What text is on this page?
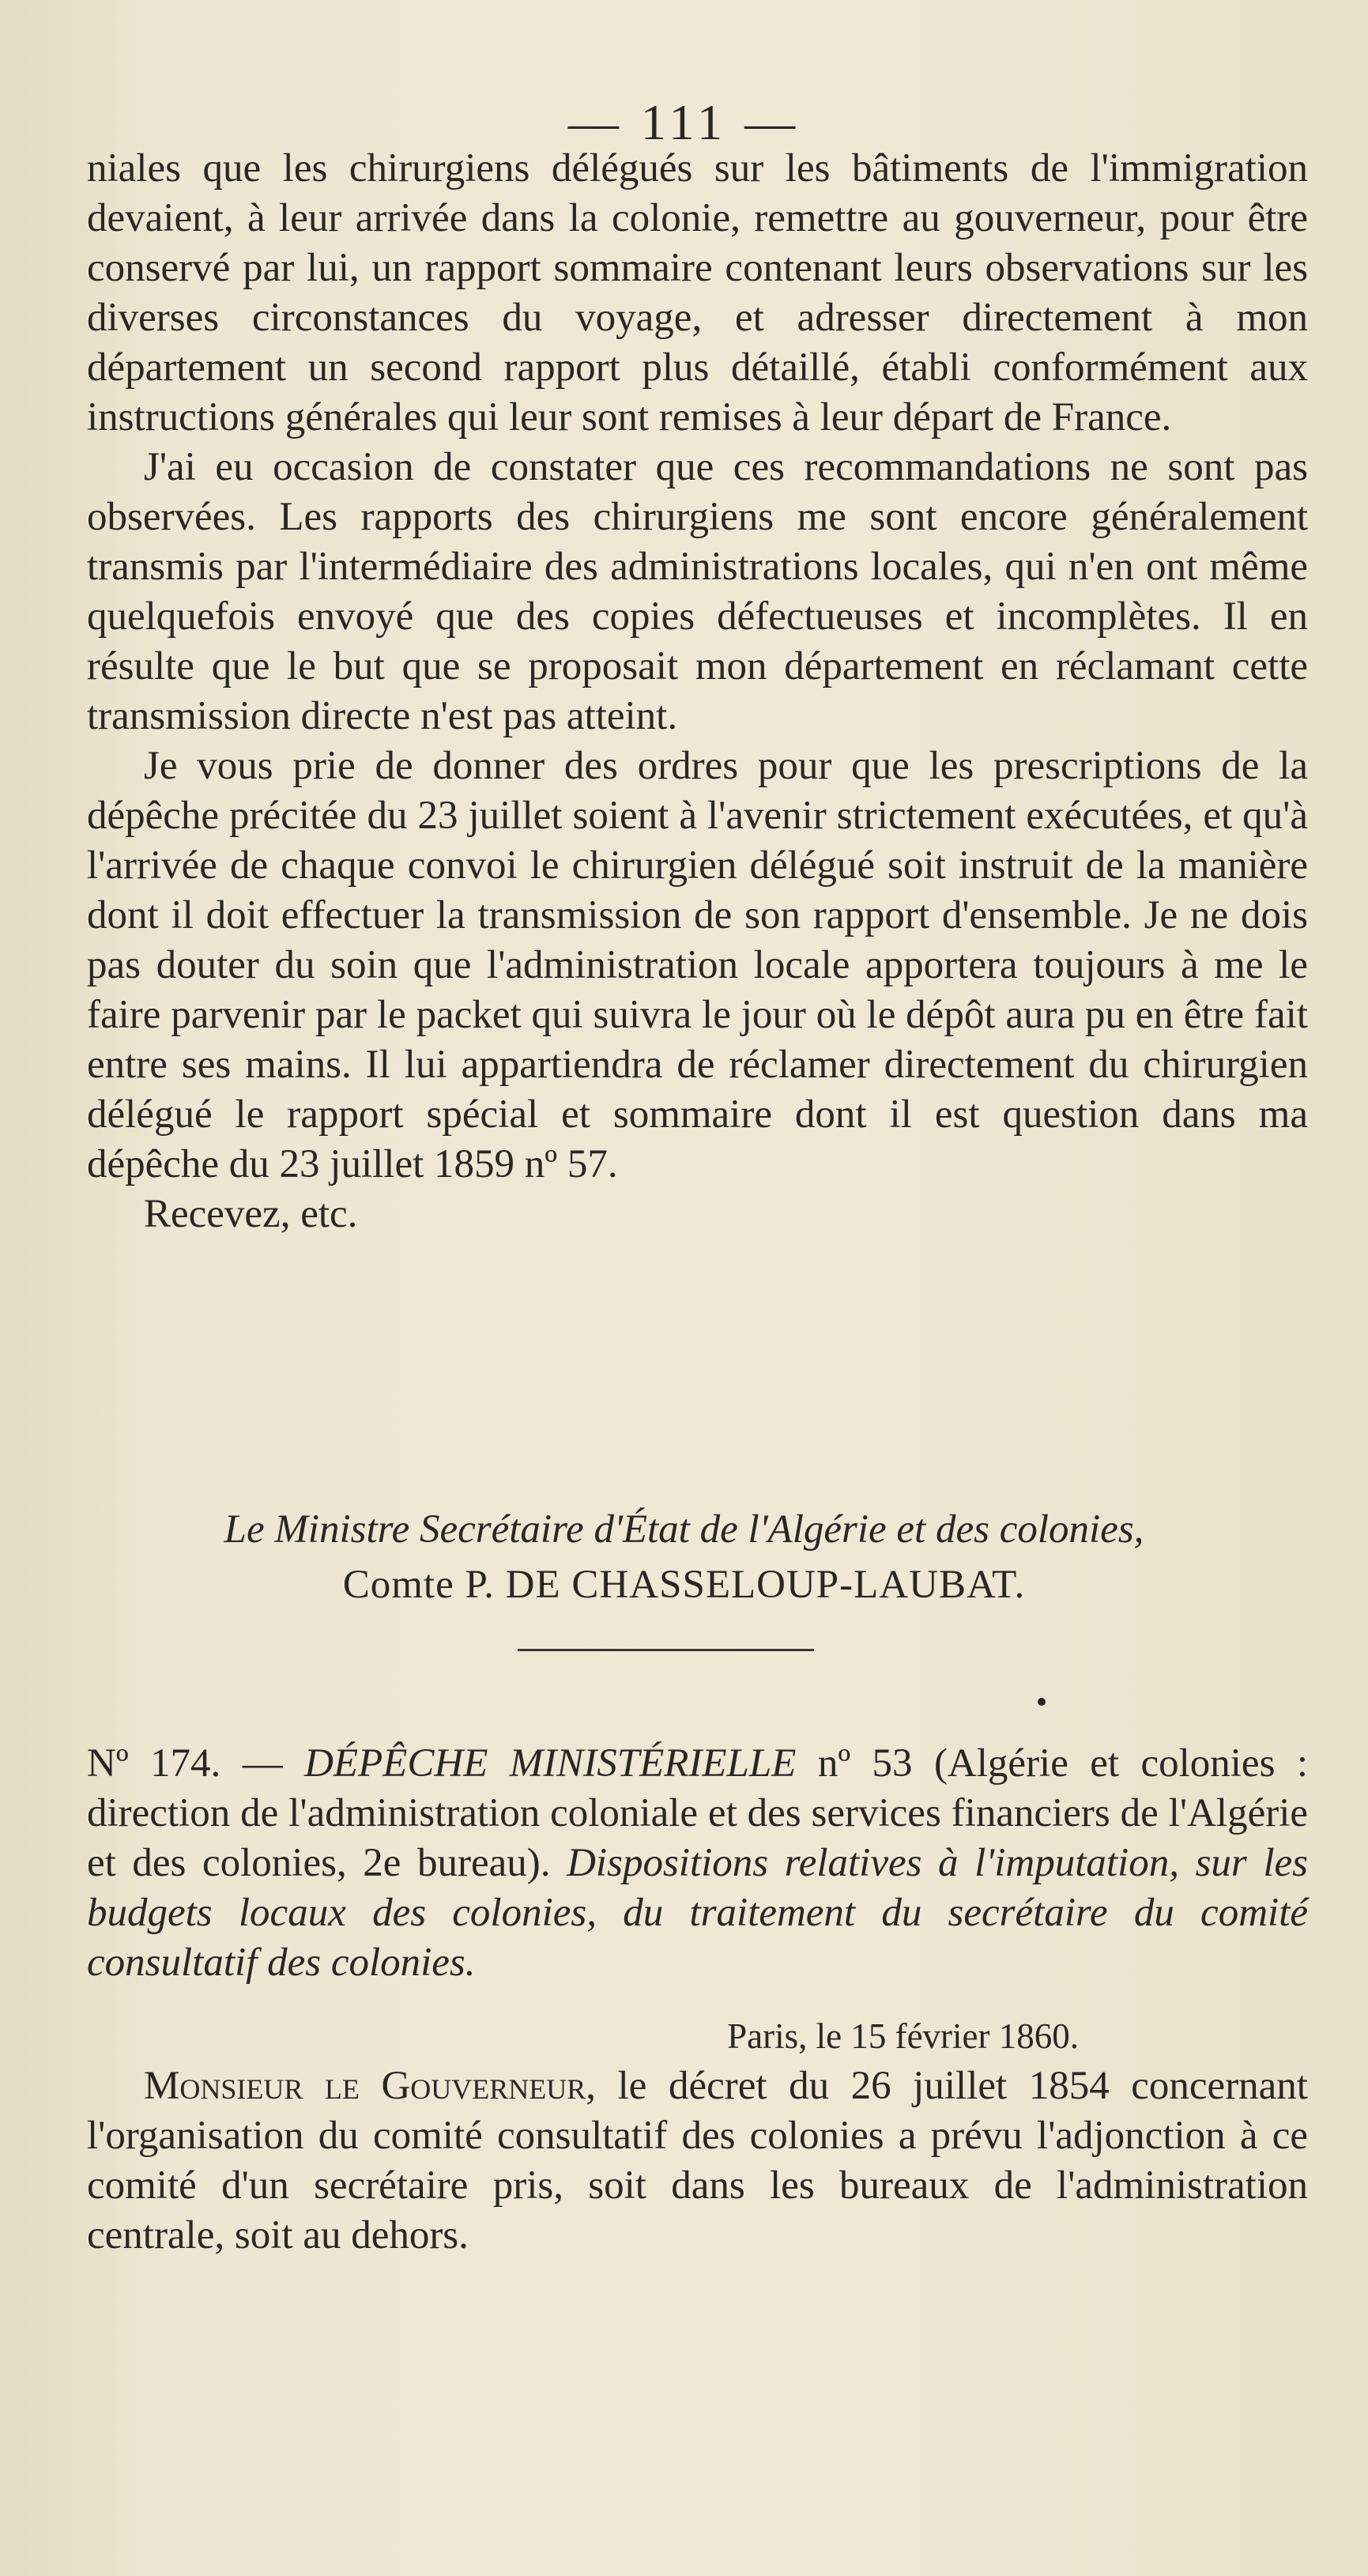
— 111 —

niales que les chirurgiens délégués sur les bâtiments de l'immigration devaient, à leur arrivée dans la colonie, remettre au gouverneur, pour être conservé par lui, un rapport sommaire contenant leurs observations sur les diverses circonstances du voyage, et adresser directement à mon département un second rapport plus détaillé, établi conformément aux instructions générales qui leur sont remises à leur départ de France.

J'ai eu occasion de constater que ces recommandations ne sont pas observées. Les rapports des chirurgiens me sont encore généralement transmis par l'intermédiaire des administrations locales, qui n'en ont même quelquefois envoyé que des copies défectueuses et incomplètes. Il en résulte que le but que se proposait mon département en réclamant cette transmission directe n'est pas atteint.

Je vous prie de donner des ordres pour que les prescriptions de la dépêche précitée du 23 juillet soient à l'avenir strictement exécutées, et qu'à l'arrivée de chaque convoi le chirurgien délégué soit instruit de la manière dont il doit effectuer la transmission de son rapport d'ensemble. Je ne dois pas douter du soin que l'administration locale apportera toujours à me le faire parvenir par le packet qui suivra le jour où le dépôt aura pu en être fait entre ses mains. Il lui appartiendra de réclamer directement du chirurgien délégué le rapport spécial et sommaire dont il est question dans ma dépêche du 23 juillet 1859 nº 57.

Recevez, etc.

Le Ministre Secrétaire d'État de l'Algérie et des colonies,
Comte P. DE CHASSELOUP-LAUBAT.

Nº 174. — DÉPÊCHE MINISTÉRIELLE nº 53 (Algérie et colonies : direction de l'administration coloniale et des services financiers de l'Algérie et des colonies, 2e bureau). Dispositions relatives à l'imputation, sur les budgets locaux des colonies, du traitement du secrétaire du comité consultatif des colonies.

Paris, le 15 février 1860.

Monsieur le Gouverneur, le décret du 26 juillet 1854 concernant l'organisation du comité consultatif des colonies a prévu l'adjonction à ce comité d'un secrétaire pris, soit dans les bureaux de l'administration centrale, soit au dehors.
